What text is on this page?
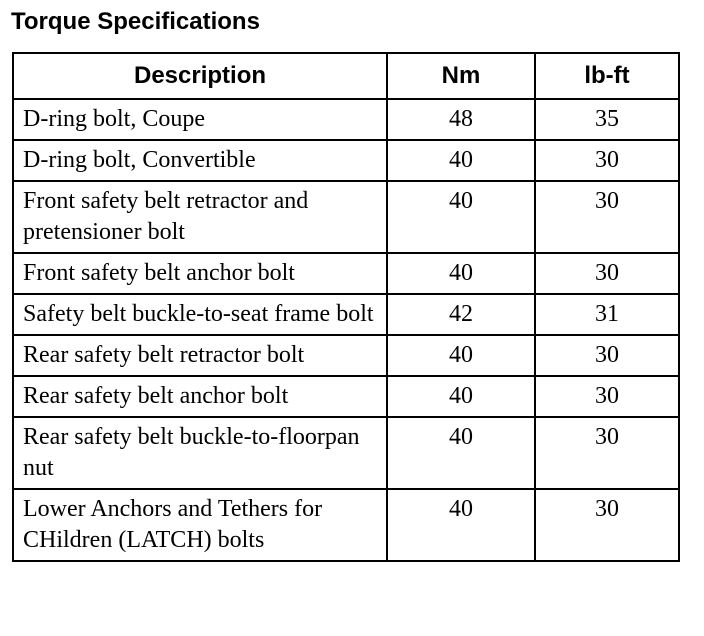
Torque Specifications
Description	Nm	lb-ft
D-ring bolt, Coupe	48	35
D-ring bolt, Convertible	40	30
Front safety belt retractor and pretensioner bolt	40	30
Front safety belt anchor bolt	40	30
Safety belt buckle-to-seat frame bolt	42	31
Rear safety belt retractor bolt	40	30
Rear safety belt anchor bolt	40	30
Rear safety belt buckle-to-floorpan nut	40	30
Lower Anchors and Tethers for CHildren (LATCH) bolts	40	30
